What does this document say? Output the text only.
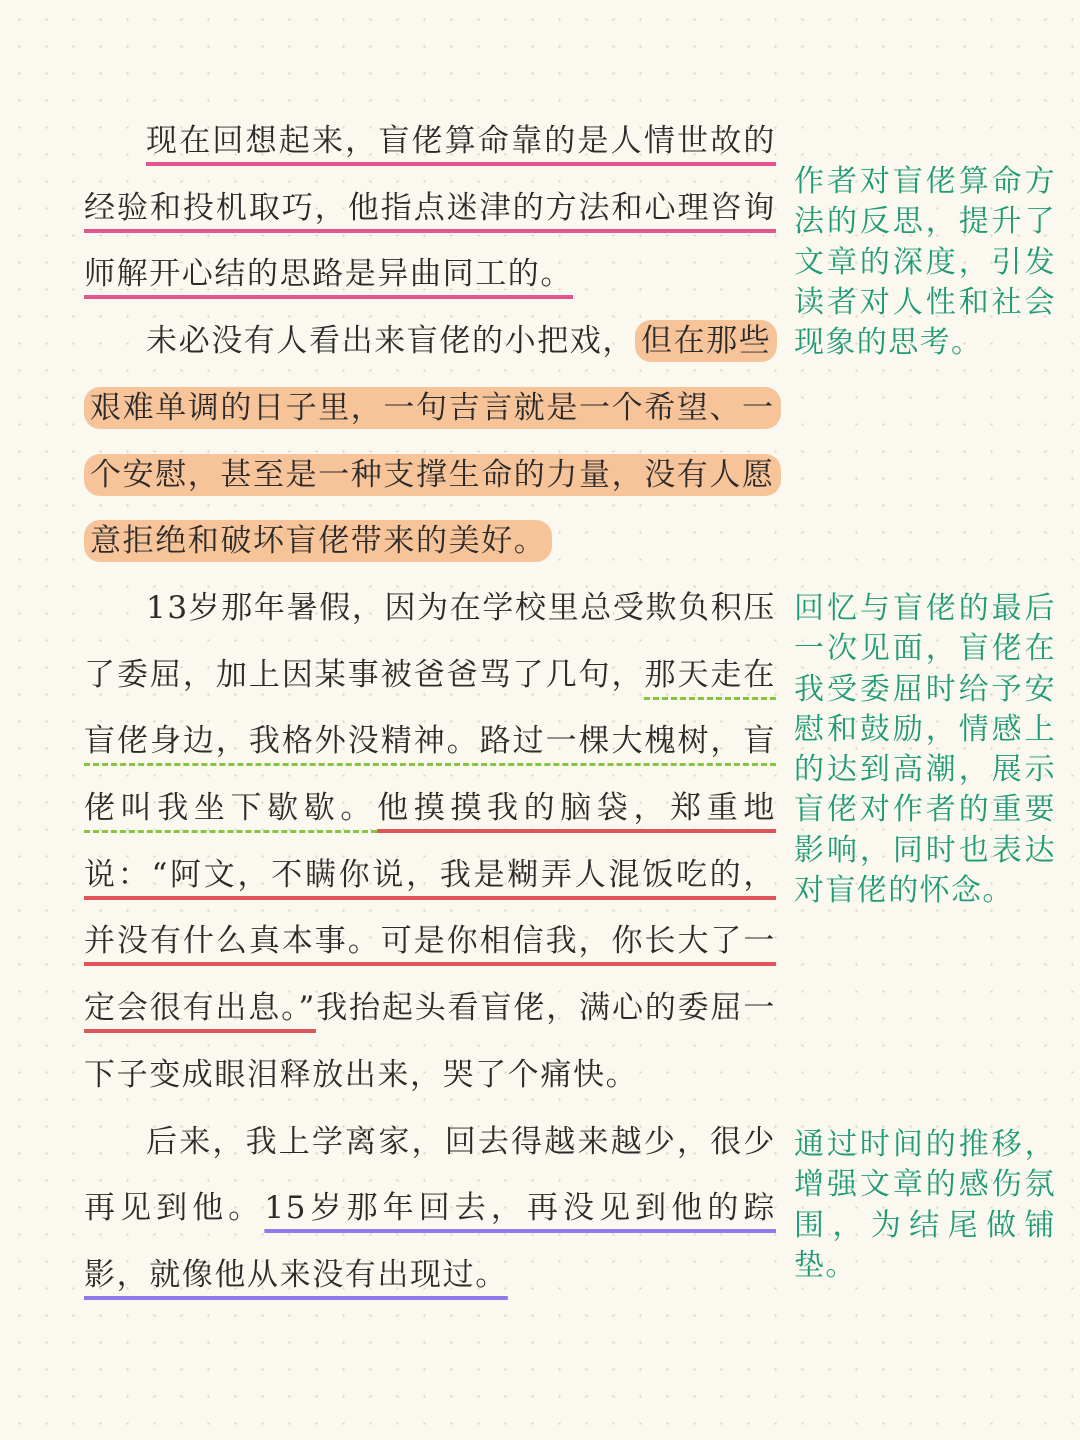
现在回想起来，盲佬算命靠的是人情世故的经验和投机取巧，他指点迷津的方法和心理咨询师解开心结的思路是异曲同工的。

未必没有人看出来盲佬的小把戏， 但在那些艰难单调的日子里，一句吉言就是一个希望、一个安慰，甚至是一种支撑生命的力量，没有人愿意拒绝和破坏盲佬带来的美好。

13岁那年暑假，因为在学校里总受欺负积压了委屈，加上因某事被爸爸骂了几句，那天走在盲佬身边，我格外没精神。路过一棵大槐树，盲佬叫我坐下歇歇。他摸摸我的脑袋，郑重地说：“阿文，不瞒你说，我是糊弄人混饭吃的，并没有什么真本事。可是你相信我，你长大了一定会很有出息。”我抬起头看盲佬，满心的委屈一下子变成眼泪释放出来，哭了个痛快。

后来，我上学离家，回去得越来越少，很少再见到他。15岁那年回去，再没见到他的踪影，就像他从来没有出现过。

作者对盲佬算命方法的反思，提升了文章的深度，引发读者对人性和社会现象的思考。

回忆与盲佬的最后一次见面，盲佬在我受委屈时给予安慰和鼓励，情感上的达到高潮，展示盲佬对作者的重要影响，同时也表达对盲佬的怀念。

通过时间的推移，增强文章的感伤氛围，为结尾做铺垫。
